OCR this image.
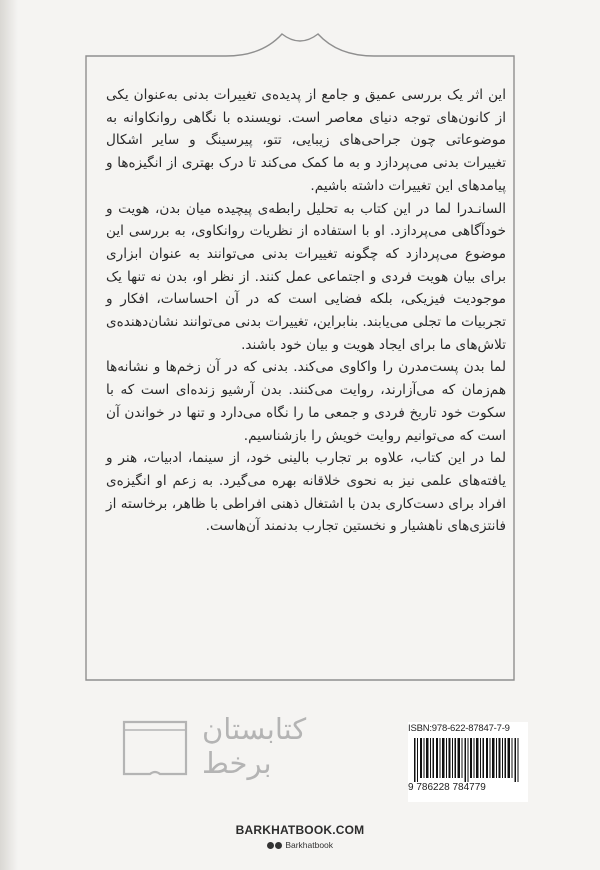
این اثر یک بررسی عمیق و جامع از پدیده‌ی تغییرات بدنی به‌عنوان یکی از کانون‌های توجه دنیای معاصر است. نویسنده با نگاهی روانکاوانه به موضوعاتی چون جراحی‌های زیبایی، تتو، پیرسینگ و سایر اشکال تغییرات بدنی می‌پردازد و به ما کمک می‌کند تا درک بهتری از انگیزه‌ها و پیامدهای این تغییرات داشته باشیم.

السانـدرا لما در این کتاب به تحلیل رابطه‌ی پیچیده میان بدن، هویت و خودآگاهی می‌پردازد. او با استفاده از نظریات روانکاوی، به بررسی این موضوع می‌پردازد که چگونه تغییرات بدنی می‌توانند به‌ عنوان ابزاری برای بیان هویت فردی و اجتماعی عمل کنند. از نظر او، بدن نه تنها یک موجودیت فیزیکی، بلکه فضایی است که در آن احساسات، افکار و تجربیات ما تجلی می‌یابند. بنابراین، تغییرات بدنی می‌توانند نشان‌دهنده‌ی تلاش‌های ما برای ایجاد هویت و بیان خود باشند.

لما بدن پست‌مدرن را واکاوی می‌کند. بدنی که در آن زخم‌ها و نشانه‌ها هم‌زمان که می‌آزارند، روایت می‌کنند. بدن آرشیو زنده‌ای است که با سکوت خود تاریخ فردی و جمعی ما را نگاه می‌دارد و تنها در خواندن آن است که می‌توانیم روایت خویش را بازشناسیم.

لما در این کتاب، علاوه بر تجارب بالینی خود، از سینما، ادبیات، هنر و یافته‌های علمی نیز به نحوی خلاقانه بهره می‌گیرد. به زعم او انگیزه‌ی افراد برای دست‌کاری بدن با اشتغال ذهنی افراطی با ظاهر، برخاسته از فانتزی‌های ناهشیار و نخستین تجارب بدنمند آن‌هاست.

کتابستان
برخط
ISBN:978-622-87847-7-9
9 786228 784779
BARKHATBOOK.COM
Barkhatbook
